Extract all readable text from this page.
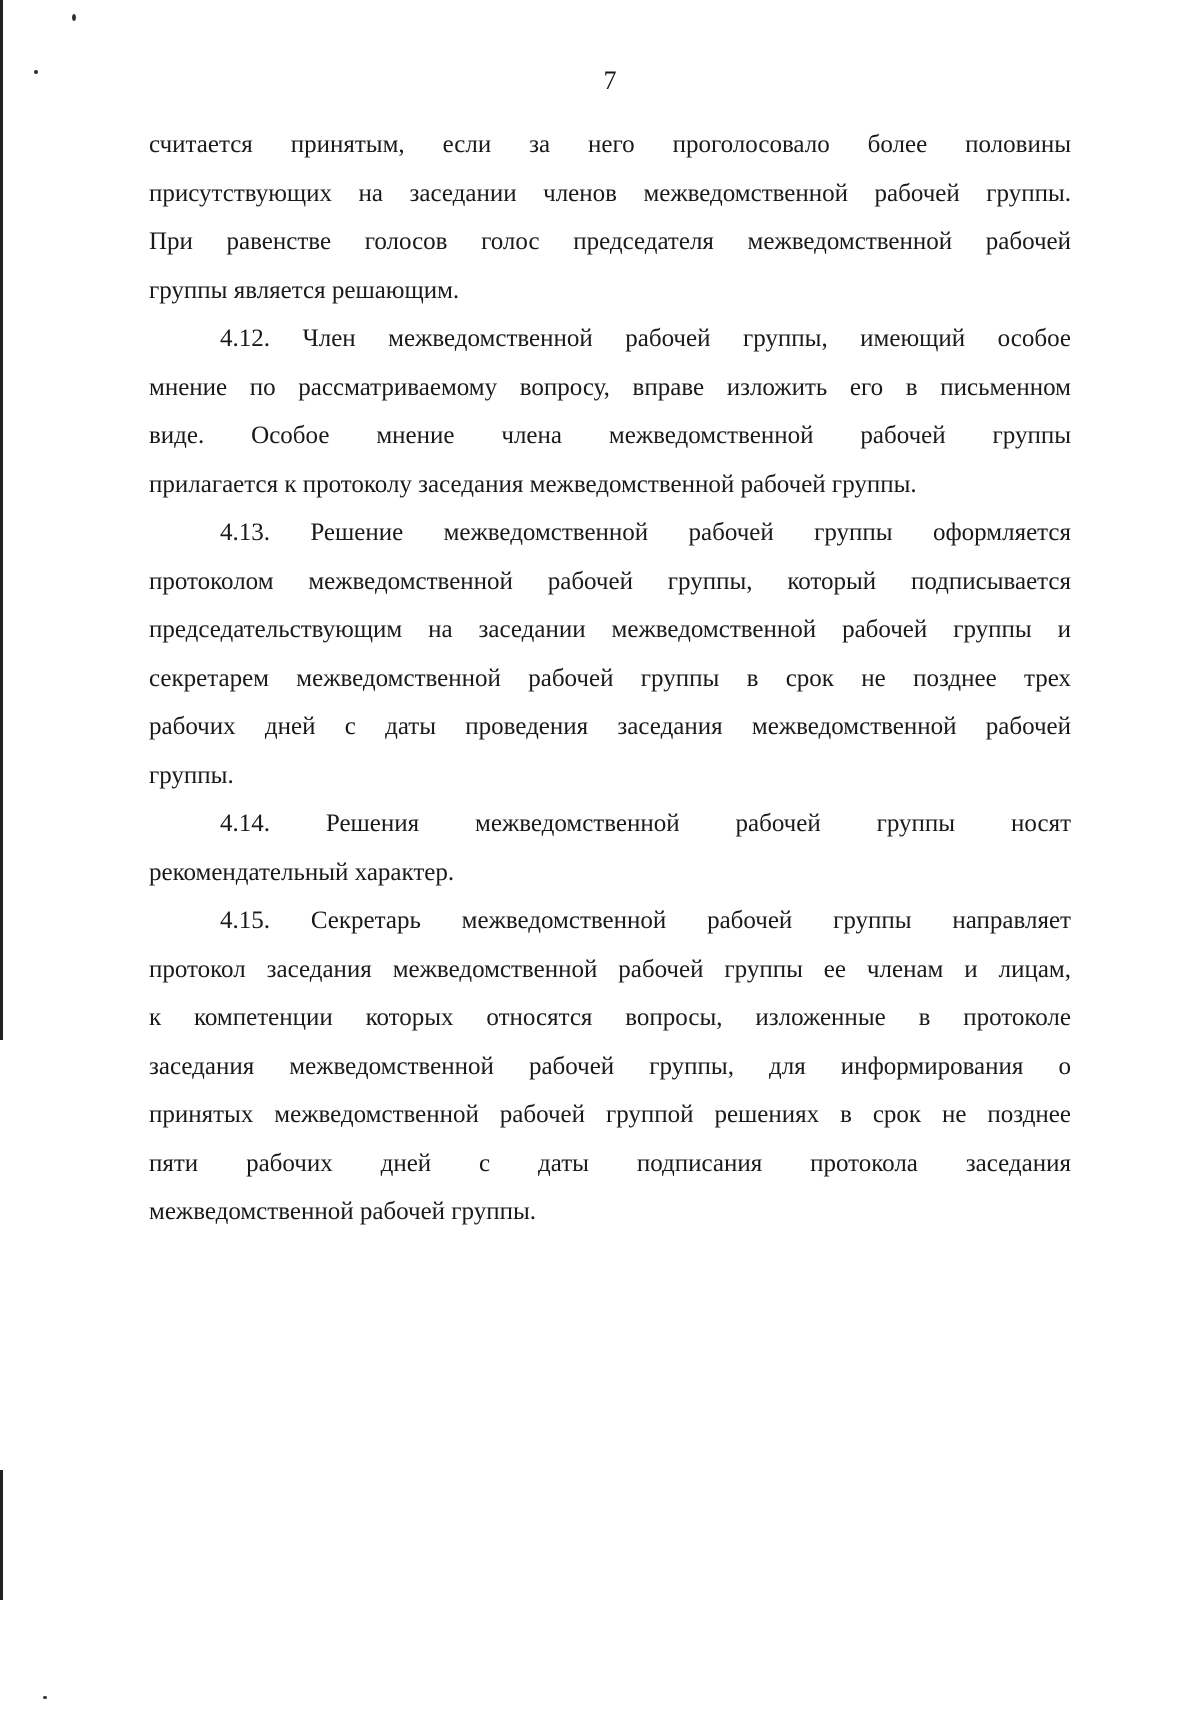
7

считается принятым, если за него проголосовало более половины
присутствующих на заседании членов межведомственной рабочей группы.
При равенстве голосов голос председателя межведомственной рабочей
группы является решающим.

4.12. Член межведомственной рабочей группы, имеющий особое
мнение по рассматриваемому вопросу, вправе изложить его в письменном
виде. Особое мнение члена межведомственной рабочей группы
прилагается к протоколу заседания межведомственной рабочей группы.

4.13. Решение межведомственной рабочей группы оформляется
протоколом межведомственной рабочей группы, который подписывается
председательствующим на заседании межведомственной рабочей группы и
секретарем межведомственной рабочей группы в срок не позднее трех
рабочих дней с даты проведения заседания межведомственной рабочей
группы.

4.14. Решения межведомственной рабочей группы носят
рекомендательный характер.

4.15. Секретарь межведомственной рабочей группы направляет
протокол заседания межведомственной рабочей группы ее членам и лицам,
к компетенции которых относятся вопросы, изложенные в протоколе
заседания межведомственной рабочей группы, для информирования о
принятых межведомственной рабочей группой решениях в срок не позднее
пяти рабочих дней с даты подписания протокола заседания
межведомственной рабочей группы.
